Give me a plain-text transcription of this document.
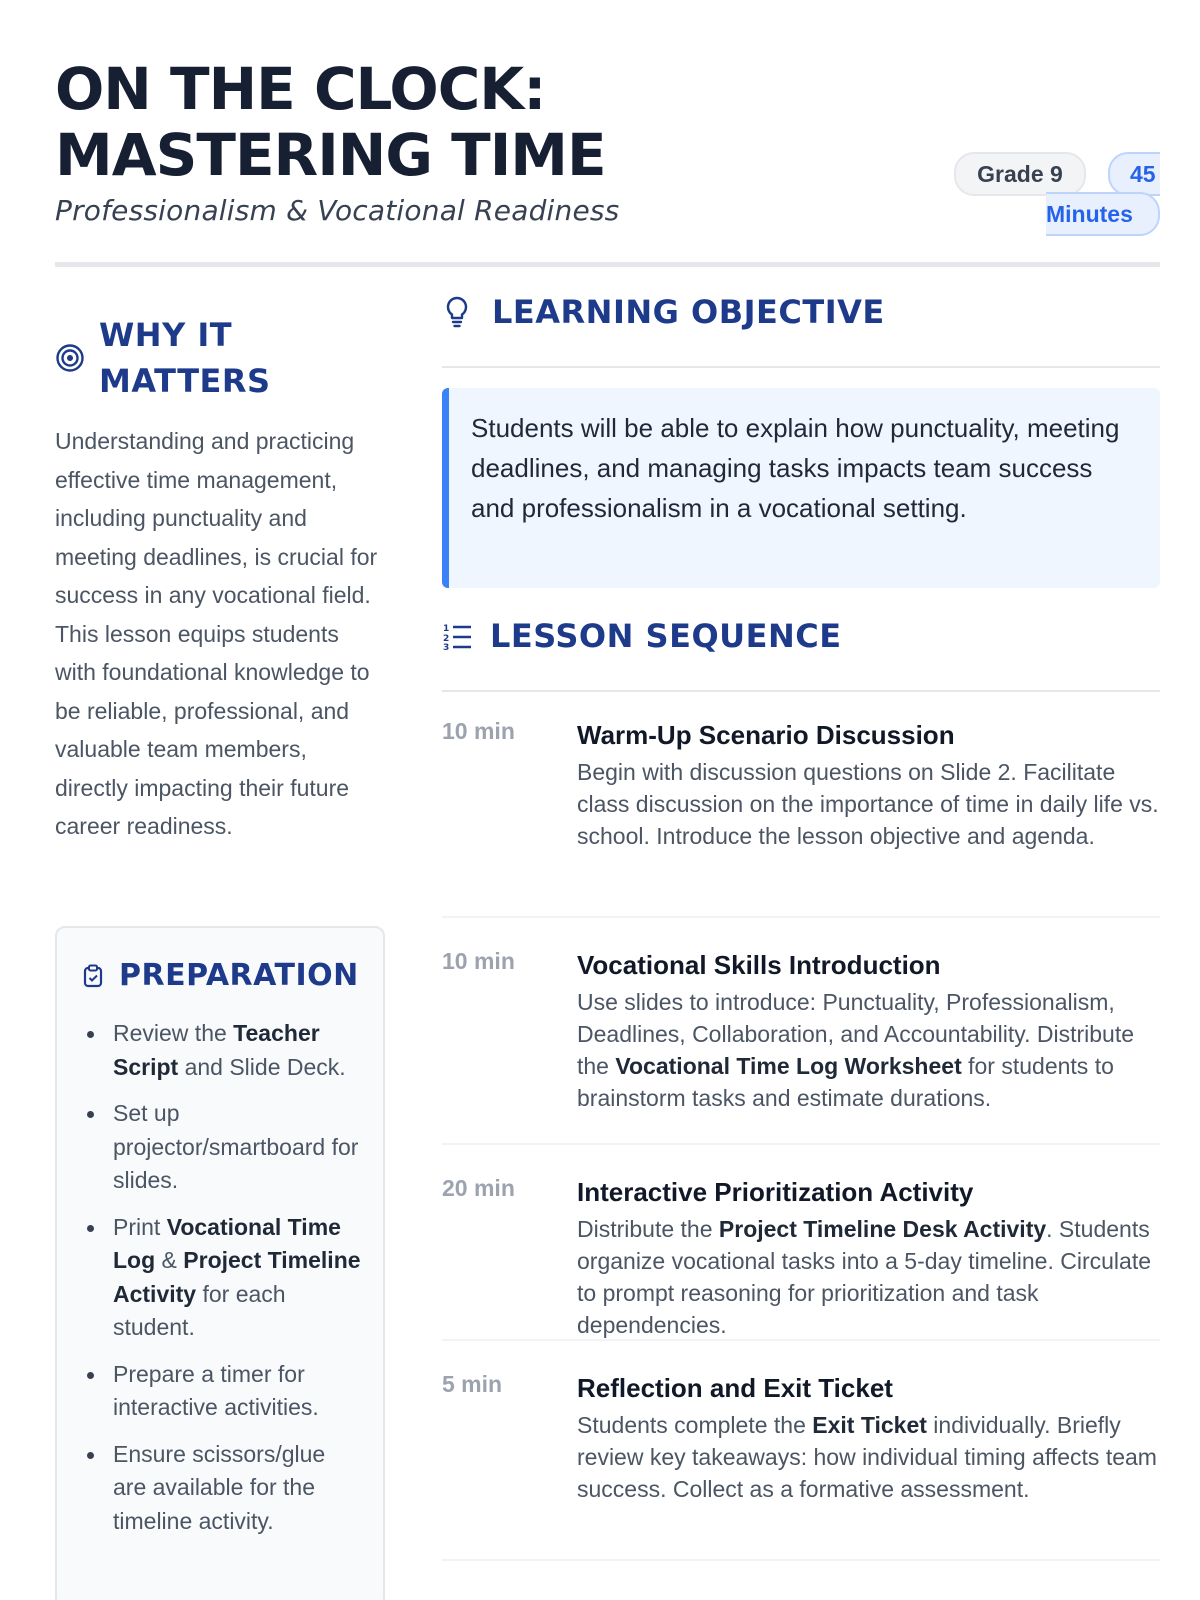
ON THE CLOCK: MASTERING TIME
Professionalism & Vocational Readiness
Grade 9	45
Minutes
WHY IT MATTERS

Understanding and practicing effective time management, including punctuality and meeting deadlines, is crucial for success in any vocational field. This lesson equips students with foundational knowledge to be reliable, professional, and valuable team members, directly impacting their future career readiness.

PREPARATION
Review the Teacher Script and Slide Deck.
Set up projector/smartboard for slides.
Print Vocational Time Log & Project Timeline Activity for each student.
Prepare a timer for interactive activities.
Ensure scissors/glue are available for the timeline activity.
LEARNING OBJECTIVE
Students will be able to explain how punctuality, meeting deadlines, and managing tasks impacts team success and professionalism in a vocational setting.
1
2
3 LESSON SEQUENCE
10 min	Warm-Up Scenario Discussion
Begin with discussion questions on Slide 2. Facilitate class discussion on the importance of time in daily life vs. school. Introduce the lesson objective and agenda.
10 min	Vocational Skills Introduction
Use slides to introduce: Punctuality, Professionalism, Deadlines, Collaboration, and Accountability. Distribute the Vocational Time Log Worksheet for students to brainstorm tasks and estimate durations.
20 min	Interactive Prioritization Activity
Distribute the Project Timeline Desk Activity. Students organize vocational tasks into a 5-day timeline. Circulate to prompt reasoning for prioritization and task dependencies.
5 min	Reflection and Exit Ticket
Students complete the Exit Ticket individually. Briefly review key takeaways: how individual timing affects team success. Collect as a formative assessment.
